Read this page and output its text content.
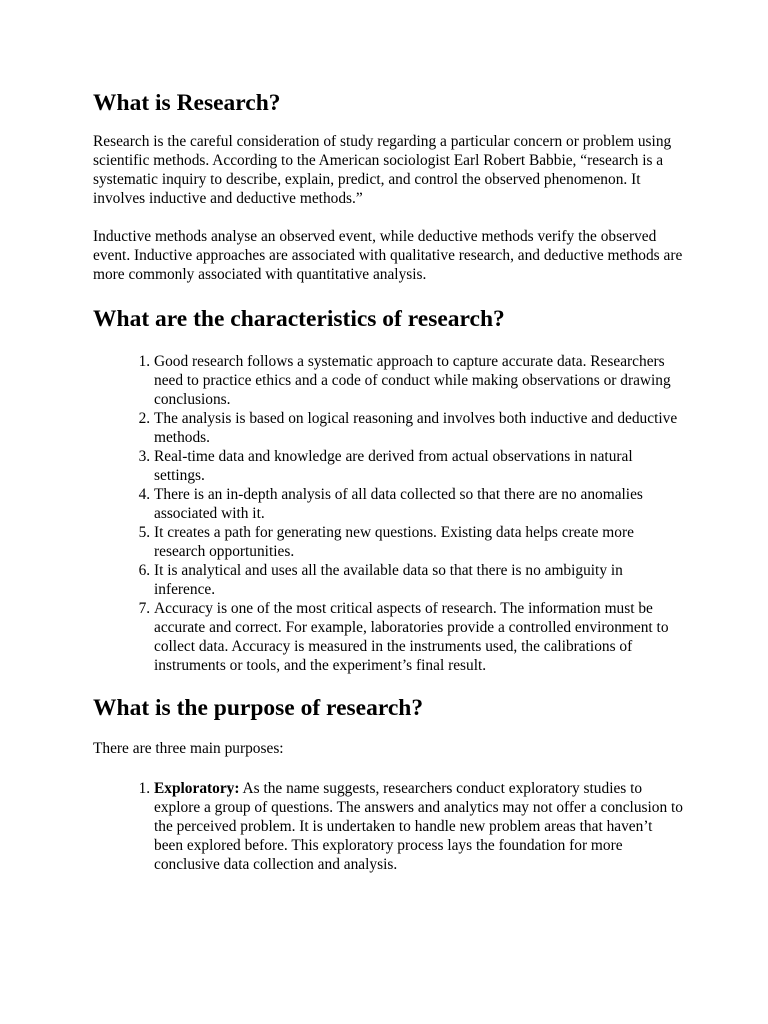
What is Research?

Research is the careful consideration of study regarding a particular concern or problem using scientific methods. According to the American sociologist Earl Robert Babbie, “research is a systematic inquiry to describe, explain, predict, and control the observed phenomenon. It involves inductive and deductive methods.”

Inductive methods analyse an observed event, while deductive methods verify the observed event. Inductive approaches are associated with qualitative research, and deductive methods are more commonly associated with quantitative analysis.

What are the characteristics of research?
1. Good research follows a systematic approach to capture accurate data. Researchers need to practice ethics and a code of conduct while making observations or drawing conclusions.
2. The analysis is based on logical reasoning and involves both inductive and deductive methods.
3. Real-time data and knowledge are derived from actual observations in natural settings.
4. There is an in-depth analysis of all data collected so that there are no anomalies associated with it.
5. It creates a path for generating new questions. Existing data helps create more research opportunities.
6. It is analytical and uses all the available data so that there is no ambiguity in inference.
7. Accuracy is one of the most critical aspects of research. The information must be accurate and correct. For example, laboratories provide a controlled environment to collect data. Accuracy is measured in the instruments used, the calibrations of instruments or tools, and the experiment’s final result.
What is the purpose of research?

There are three main purposes:

1. Exploratory: As the name suggests, researchers conduct exploratory studies to explore a group of questions. The answers and analytics may not offer a conclusion to the perceived problem. It is undertaken to handle new problem areas that haven’t been explored before. This exploratory process lays the foundation for more conclusive data collection and analysis.
